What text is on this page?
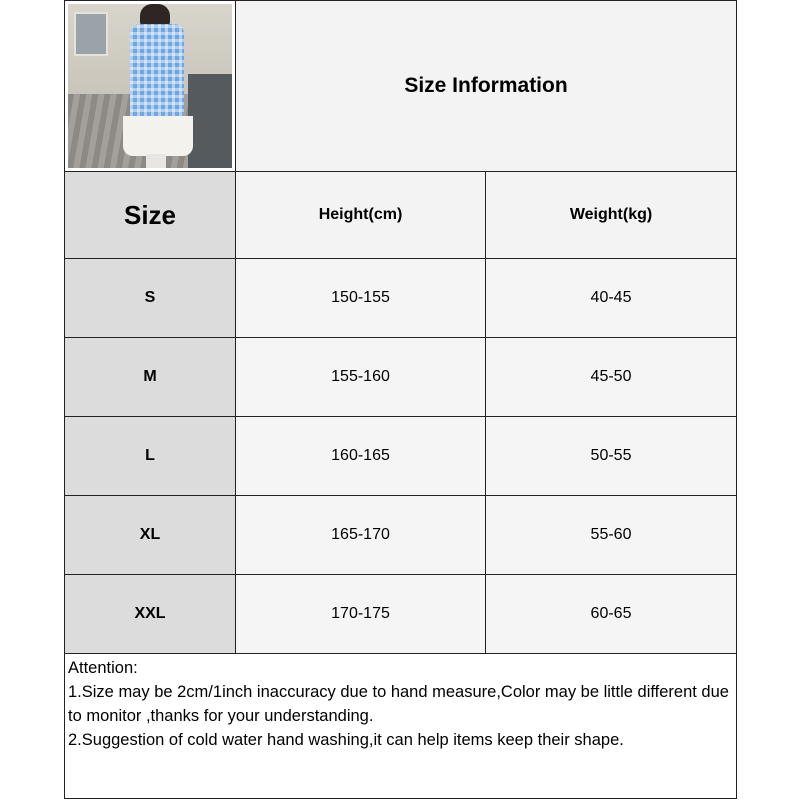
	Size Information	
Size	Height(cm)	Weight(kg)
S	150-155	40-45
M	155-160	45-50
L	160-165	50-55
XL	165-170	55-60
XXL	170-175	60-65

Attention:
1.Size may be 2cm/1inch inaccuracy due to hand measure,Color may be little different due to monitor ,thanks for your understanding.
2.Suggestion of cold water hand washing,it can help items keep their shape.		
